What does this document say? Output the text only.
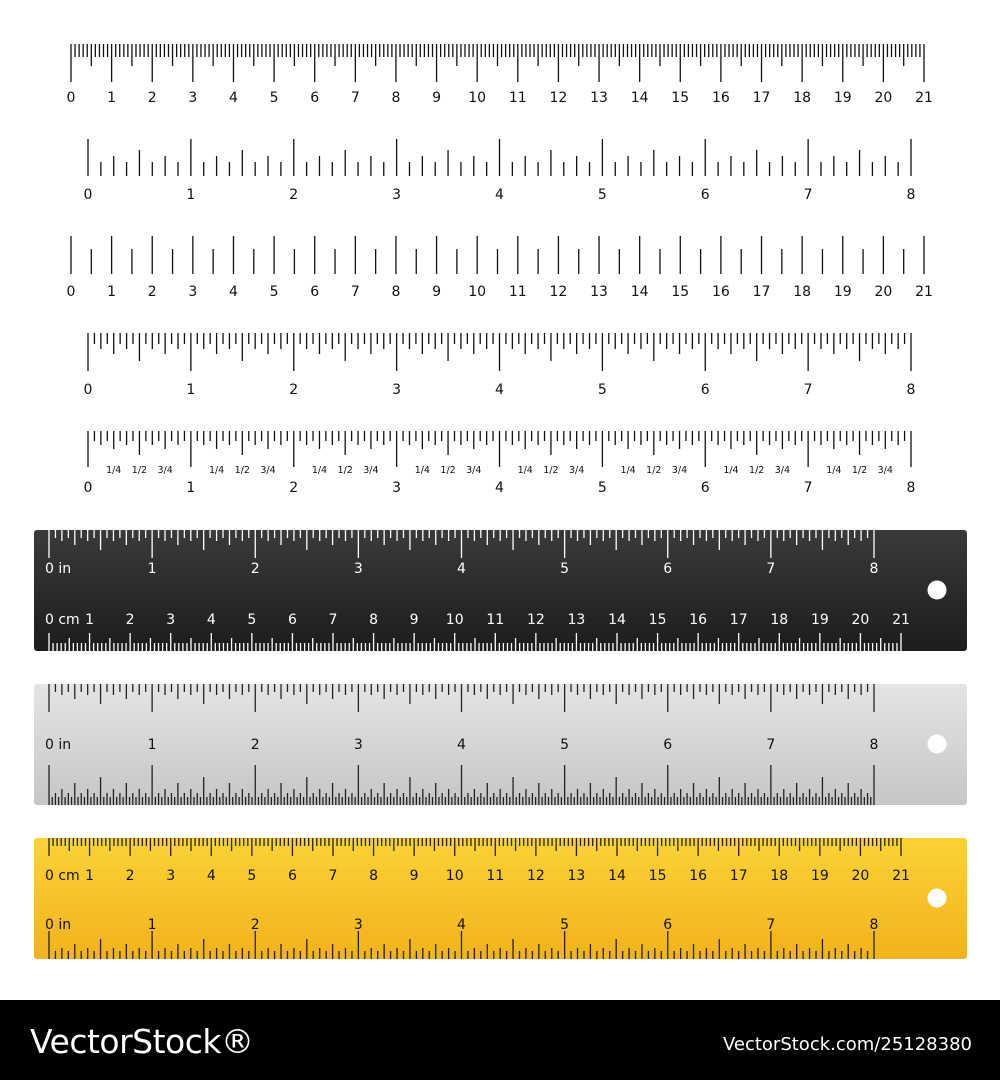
0 1 2 3 4 5 6 7 8 9 10 11 12 13 14 15 16 17 18 19 20 21
0	1	2	3	4	5	6	7	8
0 1 2 3 4 5 6 7 8 9 10 11 12 13 14 15 16 17 18 19 20 21
0	1	2	3	4	5	6	7	8
0	1	2	3	4	5	6	7	8
1/4 1/2 3/4	1/4 1/2 3/4	1/4 1/2 3/4	1/4 1/2 3/4	1/4 1/2 3/4	1/4 1/2 3/4	1/4 1/2 3/4	1/4 1/2 3/4
0 in	1	2	3	4	5	6	7	8
0 cm 1 2 3 4 5 6 7 8 9 10 11 12 13 14 15 16 17 18 19 20 21
0 in	1	2	3	4	5	6	7	8
0 cm 1 2 3 4 5 6 7 8 9 10 11 12 13 14 15 16 17 18 19 20 21
0 in	1	2	3	4	5	6	7	8
VectorStock®	VectorStock.com/25128380
